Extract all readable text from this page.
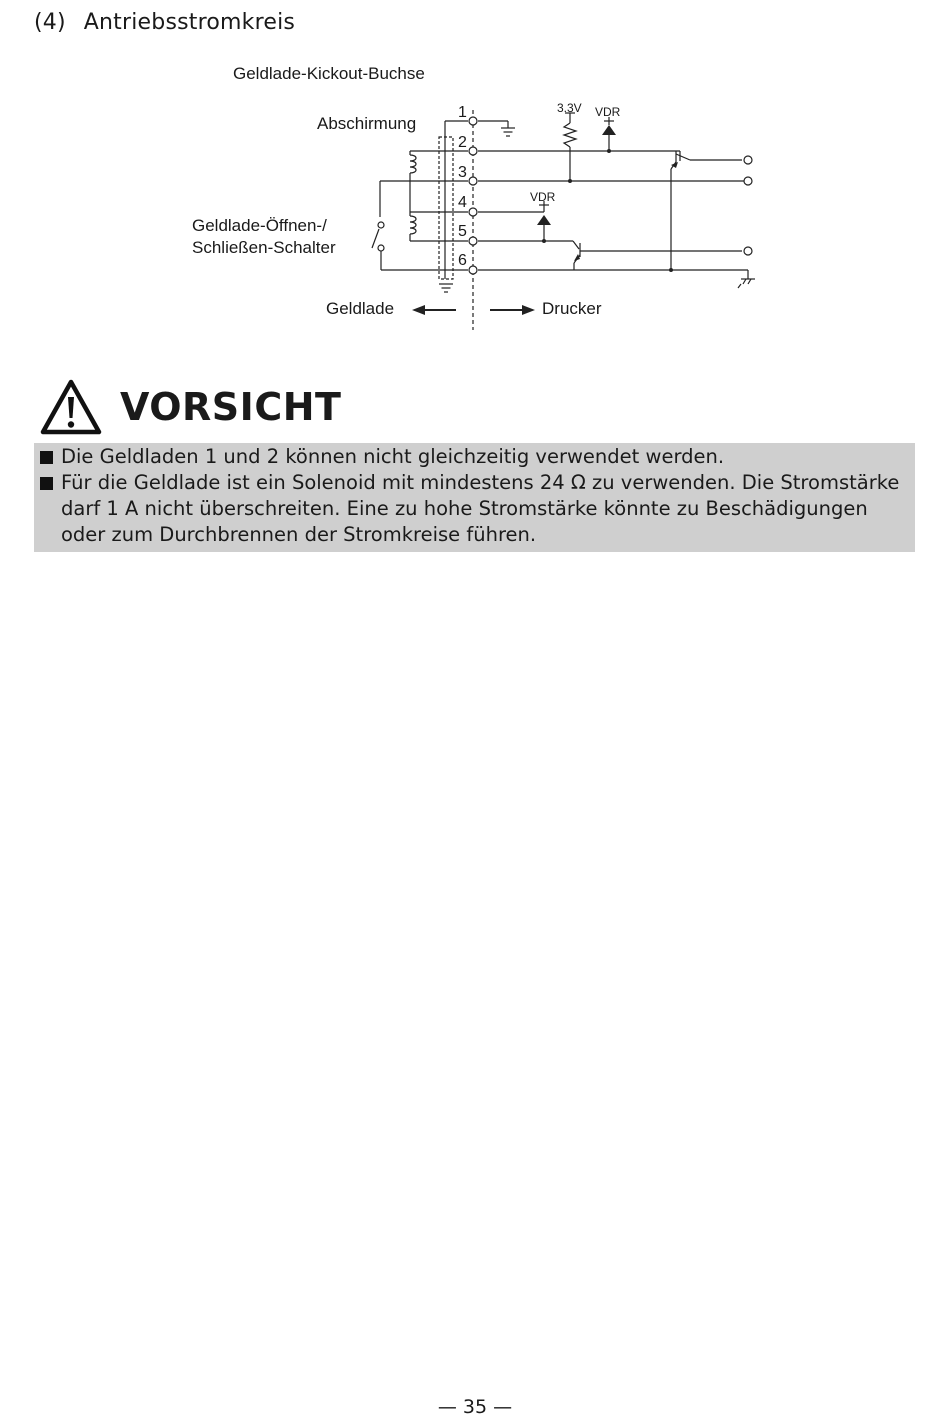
(4) Antriebsstromkreis
Geldlade-Kickout-Buchse
Abschirmung
Geldlade-Öffnen-/
Schließen-Schalter
1
2
3
4
5
6
3.3V VDR
VDR
Geldlade	Drucker
VORSICHT
Die Geldladen 1 und 2 können nicht gleichzeitig verwendet werden.
Für die Geldlade ist ein Solenoid mit mindestens 24 Ω zu verwenden. Die Stromstärke darf 1 A nicht überschreiten. Eine zu hohe Stromstärke könnte zu Beschädigungen oder zum Durchbrennen der Stromkreise führen.
— 35 —
